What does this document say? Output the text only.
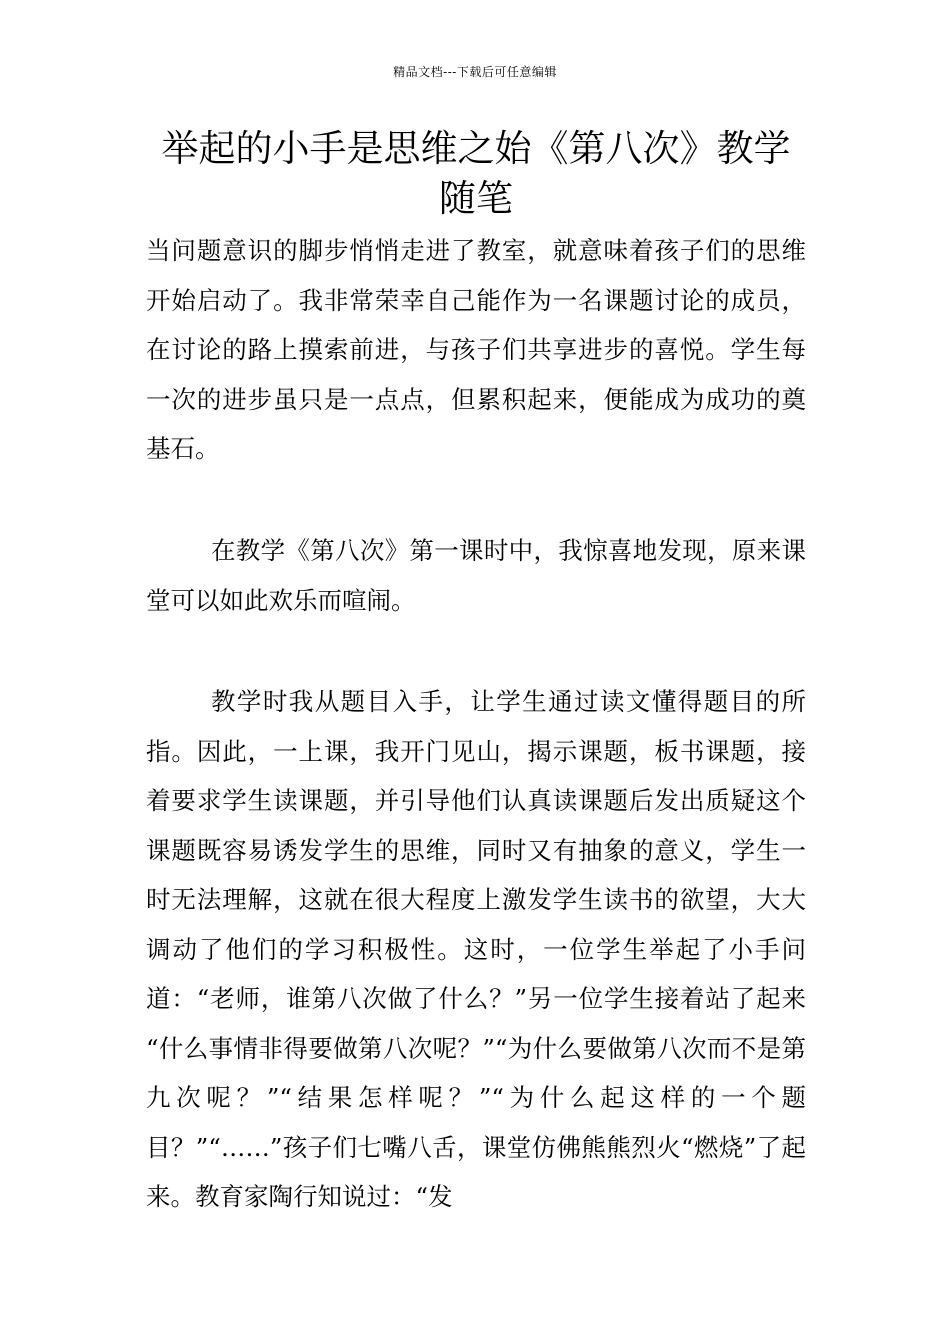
精品文档---下载后可任意编辑
举起的小手是思维之始《第八次》教学随笔

当问题意识的脚步悄悄走进了教室，就意味着孩子们的思维开始启动了。我非常荣幸自己能作为一名课题讨论的成员，在讨论的路上摸索前进，与孩子们共享进步的喜悦。学生每一次的进步虽只是一点点，但累积起来，便能成为成功的奠基石。

在教学《第八次》第一课时中，我惊喜地发现，原来课堂可以如此欢乐而喧闹。

教学时我从题目入手，让学生通过读文懂得题目的所指。因此，一上课，我开门见山，揭示课题，板书课题，接着要求学生读课题，并引导他们认真读课题后发出质疑这个课题既容易诱发学生的思维，同时又有抽象的意义，学生一时无法理解，这就在很大程度上激发学生读书的欲望，大大调动了他们的学习积极性。这时，一位学生举起了小手问道：“老师，谁第八次做了什么？”另一位学生接着站了起来 “什么事情非得要做第八次呢？”“为什么要做第八次而不是第九次呢？”“结果怎样呢？”“为什么起这样的一个题目？”“……”孩子们七嘴八舌，课堂仿佛熊熊烈火“燃烧”了起来。教育家陶行知说过：“发
